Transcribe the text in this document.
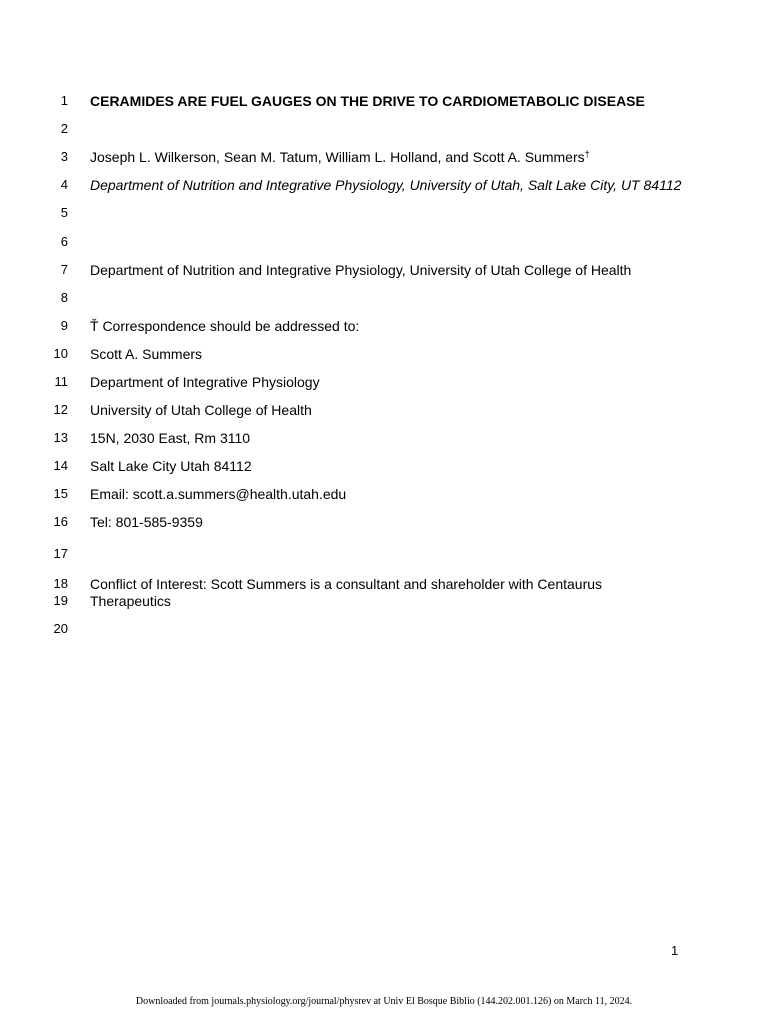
1 CERAMIDES ARE FUEL GAUGES ON THE DRIVE TO CARDIOMETABOLIC DISEASE
2
3 Joseph L. Wilkerson, Sean M. Tatum, William L. Holland, and Scott A. Summers†
4 Department of Nutrition and Integrative Physiology, University of Utah, Salt Lake City, UT 84112
5
6
7 Department of Nutrition and Integrative Physiology, University of Utah College of Health
8
9 Ť Correspondence should be addressed to:
10 Scott A. Summers
11 Department of Integrative Physiology
12 University of Utah College of Health
13 15N, 2030 East, Rm 3110
14 Salt Lake City Utah 84112
15 Email: scott.a.summers@health.utah.edu
16 Tel: 801-585-9359
17
18 Conflict of Interest: Scott Summers is a consultant and shareholder with Centaurus
19 Therapeutics
20
1
Downloaded from journals.physiology.org/journal/physrev at Univ El Bosque Biblio (144.202.001.126) on March 11, 2024.
